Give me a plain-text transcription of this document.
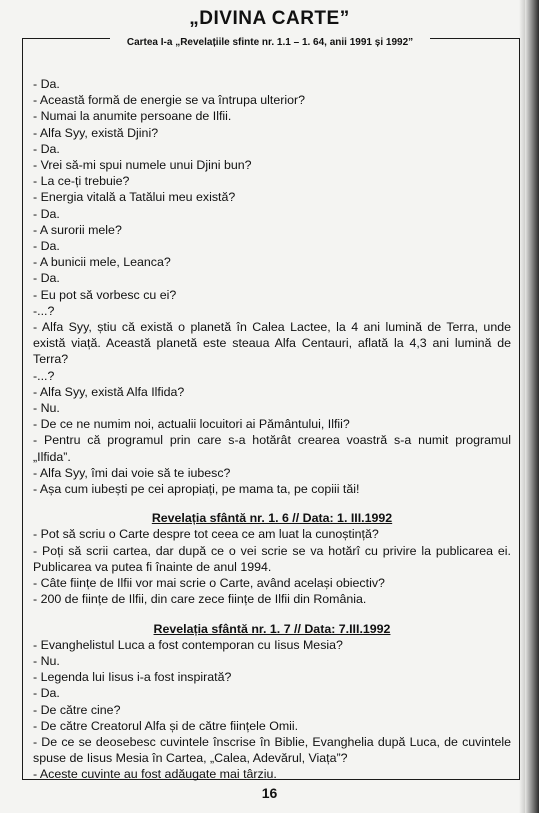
„DIVINA CARTE”
Cartea I-a „Revelațiile sfinte nr. 1.1 – 1. 64, anii 1991 și 1992”
- Da.
- Această formă de energie se va întrupa ulterior?
- Numai la anumite persoane de Ilfii.
- Alfa Syy, există Djini?
- Da.
- Vrei să-mi spui numele unui Djini bun?
- La ce-ți trebuie?
- Energia vitală a Tatălui meu există?
- Da.
- A surorii mele?
- Da.
- A bunicii mele, Leanca?
- Da.
- Eu pot să vorbesc cu ei?
-...?
- Alfa Syy, știu că există o planetă în Calea Lactee, la 4 ani lumină de Terra, unde există viață. Această planetă este steaua Alfa Centauri, aflată la 4,3 ani lumină de Terra?
-...?
- Alfa Syy, există Alfa Ilfida?
- Nu.
- De ce ne numim noi, actualii locuitori ai Pământului, Ilfii?
- Pentru că programul prin care s-a hotărât crearea voastră s-a numit programul „Ilfida”.
- Alfa Syy, îmi dai voie să te iubesc?
- Așa cum iubești pe cei apropiați, pe mama ta, pe copiii tăi!
Revelația sfântă nr. 1. 6 // Data: 1. III.1992
- Pot să scriu o Carte despre tot ceea ce am luat la cunoștință?
- Poți să scrii cartea, dar după ce o vei scrie se va hotărî cu privire la publicarea ei. Publicarea va putea fi înainte de anul 1994.
- Câte ființe de Ilfii vor mai scrie o Carte, având același obiectiv?
- 200 de ființe de Ilfii, din care zece ființe de Ilfii din România.
Revelația sfântă nr. 1. 7 // Data: 7.III.1992
- Evanghelistul Luca a fost contemporan cu Iisus Mesia?
- Nu.
- Legenda lui Iisus i-a fost inspirată?
- Da.
- De către cine?
- De către Creatorul Alfa și de către ființele Omii.
- De ce se deosebesc cuvintele înscrise în Biblie, Evanghelia după Luca, de cuvintele spuse de Iisus Mesia în Cartea, „Calea, Adevărul, Viața”?
- Aceste cuvinte au fost adăugate mai târziu.
16
